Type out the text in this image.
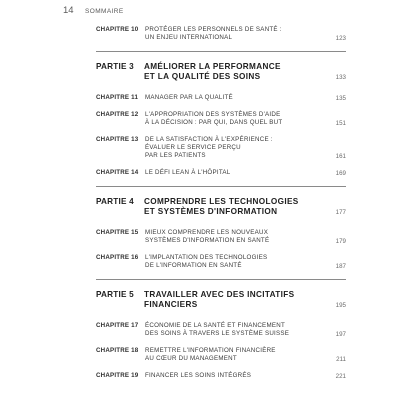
14	SOMMAIRE
CHAPITRE 10	PROTÉGER LES PERSONNELS DE SANTÉ :
UN ENJEU INTERNATIONAL	123
PARTIE 3	AMÉLIORER LA PERFORMANCE
ET LA QUALITÉ DES SOINS	133
CHAPITRE 11	MANAGER PAR LA QUALITÉ	135
CHAPITRE 12	L'APPROPRIATION DES SYSTÈMES D'AIDE
À LA DÉCISION : PAR QUI, DANS QUEL BUT	151
CHAPITRE 13	DE LA SATISFACTION À L'EXPÉRIENCE :
ÉVALUER LE SERVICE PERÇU
PAR LES PATIENTS	161
CHAPITRE 14	LE DÉFI LEAN À L'HÔPITAL	169
PARTIE 4	COMPRENDRE LES TECHNOLOGIES
ET SYSTÈMES D'INFORMATION	177
CHAPITRE 15	MIEUX COMPRENDRE LES NOUVEAUX
SYSTÈMES D'INFORMATION EN SANTÉ	179
CHAPITRE 16	L'IMPLANTATION DES TECHNOLOGIES
DE L'INFORMATION EN SANTÉ	187
PARTIE 5	TRAVAILLER AVEC DES INCITATIFS
FINANCIERS	195
CHAPITRE 17	ÉCONOMIE DE LA SANTÉ ET FINANCEMENT
DES SOINS À TRAVERS LE SYSTÈME SUISSE	197
CHAPITRE 18	REMETTRE L'INFORMATION FINANCIÈRE
AU CŒUR DU MANAGEMENT	211
CHAPITRE 19	FINANCER LES SOINS INTÉGRÉS	221
